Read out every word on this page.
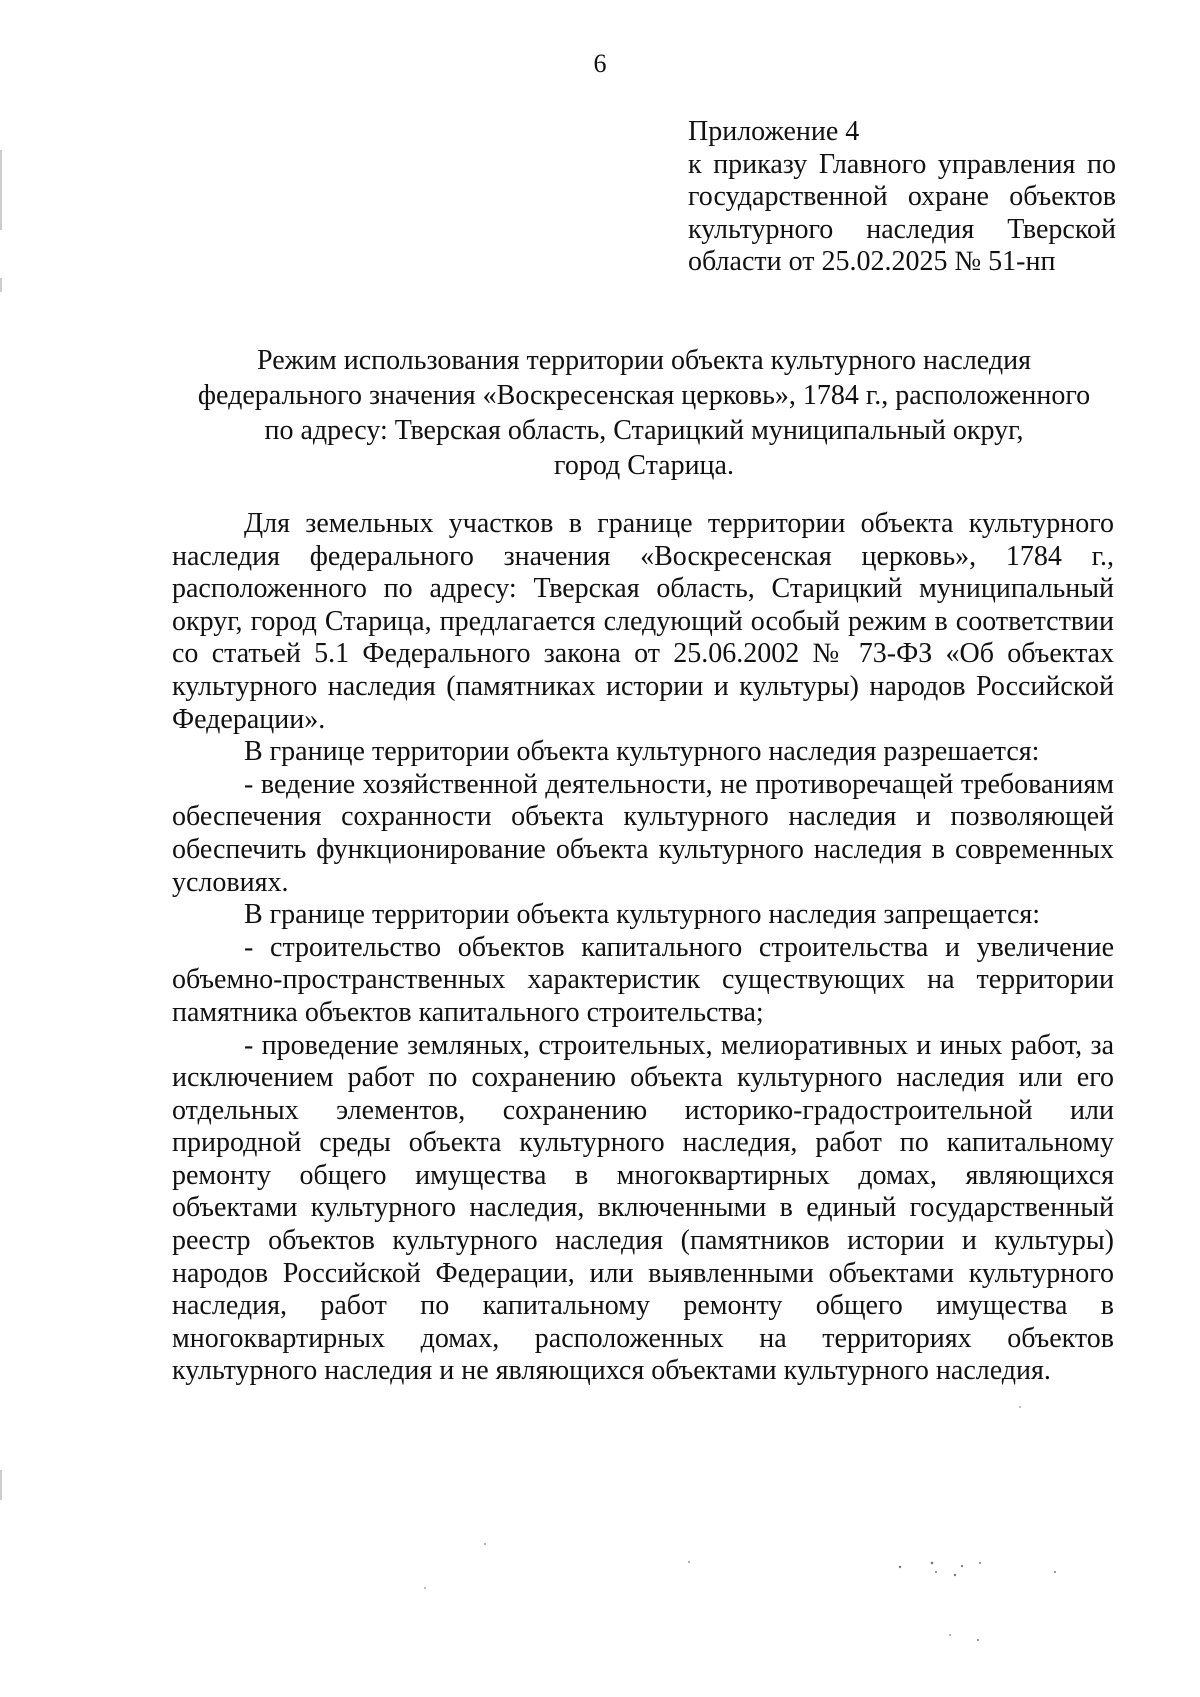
6
Приложение 4
к приказу Главного управления по
государственной охране объектов
культурного наследия Тверской
области от 25.02.2025 № 51-нп
Режим использования территории объекта культурного наследия
федерального значения «Воскресенская церковь», 1784 г., расположенного
по адресу: Тверская область, Старицкий муниципальный округ,
город Старица.

Для земельных участков в границе территории объекта культурного наследия федерального значения «Воскресенская церковь», 1784 г., расположенного по адресу: Тверская область, Старицкий муниципальный округ, город Старица, предлагается следующий особый режим в соответствии со статьей 5.1 Федерального закона от 25.06.2002 № 73-ФЗ «Об объектах культурного наследия (памятниках истории и культуры) народов Российской Федерации».

В границе территории объекта культурного наследия разрешается:

- ведение хозяйственной деятельности, не противоречащей требованиям обеспечения сохранности объекта культурного наследия и позволяющей обеспечить функционирование объекта культурного наследия в современных условиях.

В границе территории объекта культурного наследия запрещается:

- строительство объектов капитального строительства и увеличение объемно-пространственных характеристик существующих на территории памятника объектов капитального строительства;

- проведение земляных, строительных, мелиоративных и иных работ, за исключением работ по сохранению объекта культурного наследия или его отдельных элементов, сохранению историко-градостроительной или природной среды объекта культурного наследия, работ по капитальному ремонту общего имущества в многоквартирных домах, являющихся объектами культурного наследия, включенными в единый государственный реестр объектов культурного наследия (памятников истории и культуры) народов Российской Федерации, или выявленными объектами культурного наследия, работ по капитальному ремонту общего имущества в многоквартирных домах, расположенных на территориях объектов культурного наследия и не являющихся объектами культурного наследия.
